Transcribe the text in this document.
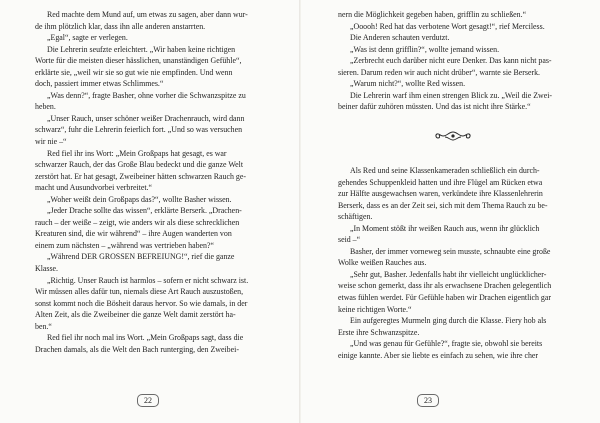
Red machte dem Mund auf, um etwas zu sagen, aber dann wur-
de ihm plötzlich klar, dass ihn alle anderen anstarrten.
„Egal“, sagte er verlegen.
Die Lehrerin seufzte erleichtert. „Wir haben keine richtigen
Worte für die meisten dieser hässlichen, unanständigen Gefühle“,
erklärte sie, „weil wir sie so gut wie nie empfinden. Und wenn
doch, passiert immer etwas Schlimmes.“
„Was denn?“, fragte Basher, ohne vorher die Schwanzspitze zu
heben.
„Unser Rauch, unser schöner weißer Drachenrauch, wird dann
schwarz“, fuhr die Lehrerin feierlich fort. „Und so was versuchen
wir nie –“
Red fiel ihr ins Wort: „Mein Großpaps hat gesagt, es war
schwarzer Rauch, der das Große Blau bedeckt und die ganze Welt
zerstört hat. Er hat gesagt, Zweibeiner hätten schwarzen Rauch ge-
macht und Ausundvorbei verbreitet.“
„Woher weißt dein Großpaps das?“, wollte Basher wissen.
„Jeder Drache sollte das wissen“, erklärte Berserk. „Drachen-
rauch – der weiße – zeigt, wie anders wir als diese schrecklichen
Kreaturen sind, die wir während“ – ihre Augen wanderten von
einem zum nächsten – „während was vertrieben haben?“
„Während DER GROSSEN BEFREIUNG!“, rief die ganze
Klasse.
„Richtig. Unser Rauch ist harmlos – sofern er nicht schwarz ist.
Wir müssen alles dafür tun, niemals diese Art Rauch auszustoßen,
sonst kommt noch die Bösheit daraus hervor. So wie damals, in der
Alten Zeit, als die Zweibeiner die ganze Welt damit zerstört ha-
ben.“
Red fiel ihr noch mal ins Wort. „Mein Großpaps sagt, dass die
Drachen damals, als die Welt den Bach runterging, den Zweibei-
22
nern die Möglichkeit gegeben haben, grifflin zu schließen.“
„Ooooh! Red hat das verbotene Wort gesagt!“, rief Merciless.
Die Anderen schauten verdutzt.
„Was ist denn grifflin?“, wollte jemand wissen.
„Zerbrecht euch darüber nicht eure Denker. Das kann nicht pas-
sieren. Darum reden wir auch nicht drüber“, warnte sie Berserk.
„Warum nicht?“, wollte Red wissen.
Die Lehrerin warf ihm einen strengen Blick zu. „Weil die Zwei-
beiner dafür zuhören müssten. Und das ist nicht ihre Stärke.“
Als Red und seine Klassenkameraden schließlich ein durch-
gehendes Schuppenkleid hatten und ihre Flügel am Rücken etwa
zur Hälfte ausgewachsen waren, verkündete ihre Klassenlehrerin
Berserk, dass es an der Zeit sei, sich mit dem Thema Rauch zu be-
schäftigen.
„In Moment stößt ihr weißen Rauch aus, wenn ihr glücklich
seid –“
Basher, der immer vorneweg sein musste, schnaubte eine große
Wolke weißen Rauches aus.
„Sehr gut, Basher. Jedenfalls habt ihr vielleicht unglücklicher-
weise schon gemerkt, dass ihr als erwachsene Drachen gelegentlich
etwas fühlen werdet. Für Gefühle haben wir Drachen eigentlich gar
keine richtigen Worte.“
Ein aufgeregtes Murmeln ging durch die Klasse. Fiery hob als
Erste ihre Schwanzspitze.
„Und was genau für Gefühle?“, fragte sie, obwohl sie bereits
einige kannte. Aber sie liebte es einfach zu sehen, wie ihre cher
23
